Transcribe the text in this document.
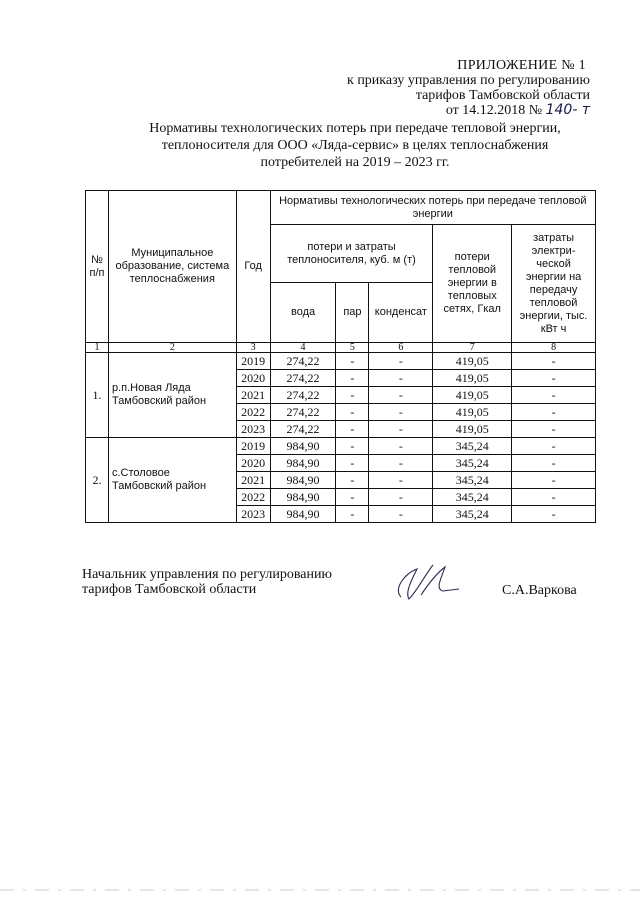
ПРИЛОЖЕНИЕ № 1
к приказу управления по регулированию
тарифов Тамбовской области
от 14.12.2018 № 140- т
Нормативы технологических потерь при передаче тепловой энергии,
теплоносителя для ООО «Ляда-сервис» в целях теплоснабжения
потребителей на 2019 – 2023 гг.
№ п/п	Муниципальное образование, система теплоснабжения	Год	Нормативы технологических потерь при передаче тепловой энергии				
			потери и затраты теплоносителя, куб. м (т)			потери тепловой энергии в тепловых сетях, Гкал	затраты электри-ческой энергии на передачу тепловой энергии, тыс. кВт ч
			вода	пар	конденсат		
1	2	3	4	5	6	7	8
1.	р.п.Новая Ляда Тамбовский район	2019	274,22	-	-	419,05	-
		2020	274,22	-	-	419,05	-
		2021	274,22	-	-	419,05	-
		2022	274,22	-	-	419,05	-
		2023	274,22	-	-	419,05	-
2.	с.Столовое Тамбовский район	2019	984,90	-	-	345,24	-
		2020	984,90	-	-	345,24	-
		2021	984,90	-	-	345,24	-
		2022	984,90	-	-	345,24	-
		2023	984,90	-	-	345,24	-
Начальник управления по регулированию
тарифов Тамбовской области	С.А.Варкова
